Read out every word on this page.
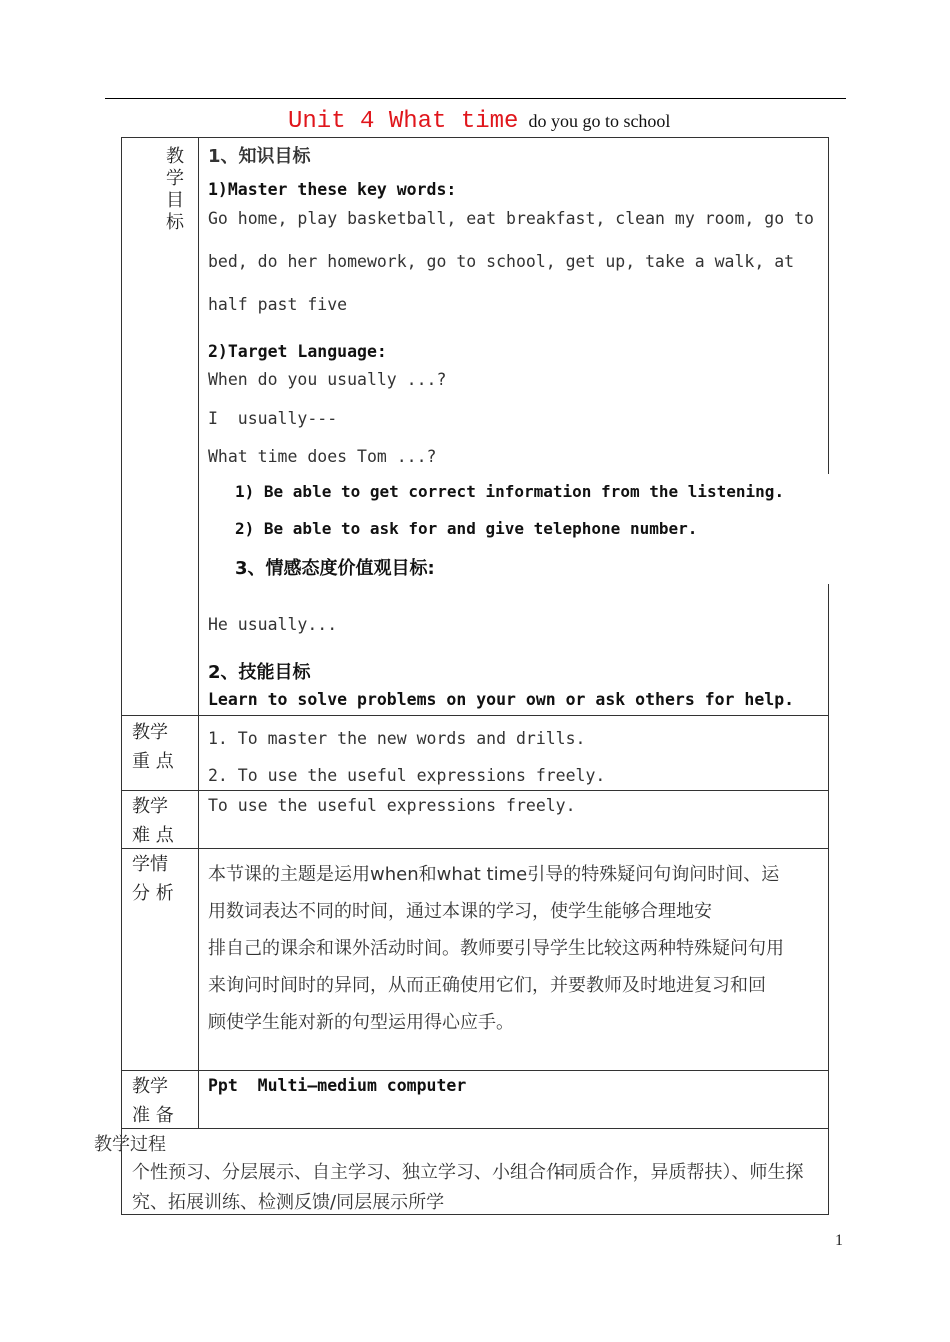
Unit 4 What time do you go to school
教学目标
1、知识目标
1)Master these key words:
Go home, play basketball, eat breakfast, clean my room, go to
bed, do her homework, go to school, get up, take a walk, at
half past five
2)Target Language:
When do you usually ...?
I  usually---
What time does Tom ...?
He usually...
2、技能目标
Learn to solve problems on your own or ask others for help.
教学
重 点
1. To master the new words and drills.
2. To use the useful expressions freely.
教学
难 点
To use the useful expressions freely.
学情
分 析
本节课的主题是运用when和what time引导的特殊疑问句询问时间、运
用数词表达不同的时间，通过本课的学习，使学生能够合理地安
排自己的课余和课外活动时间。教师要引导学生比较这两种特殊疑问句用
来询问时间时的异同，从而正确使用它们，并要教师及时地进复习和回
顾使学生能对新的句型运用得心应手。
教学
准 备
Ppt  Multi—medium computer
个性预习、分层展示、自主学习、独立学习、小组合作
-同质合作，异质帮扶）、师生探
究、拓展训练、检测反馈/同层展示所学
教学过程
1) Be able to get correct information from the listening.
2) Be able to ask for and give telephone number.
3、情感态度价值观目标:
1
